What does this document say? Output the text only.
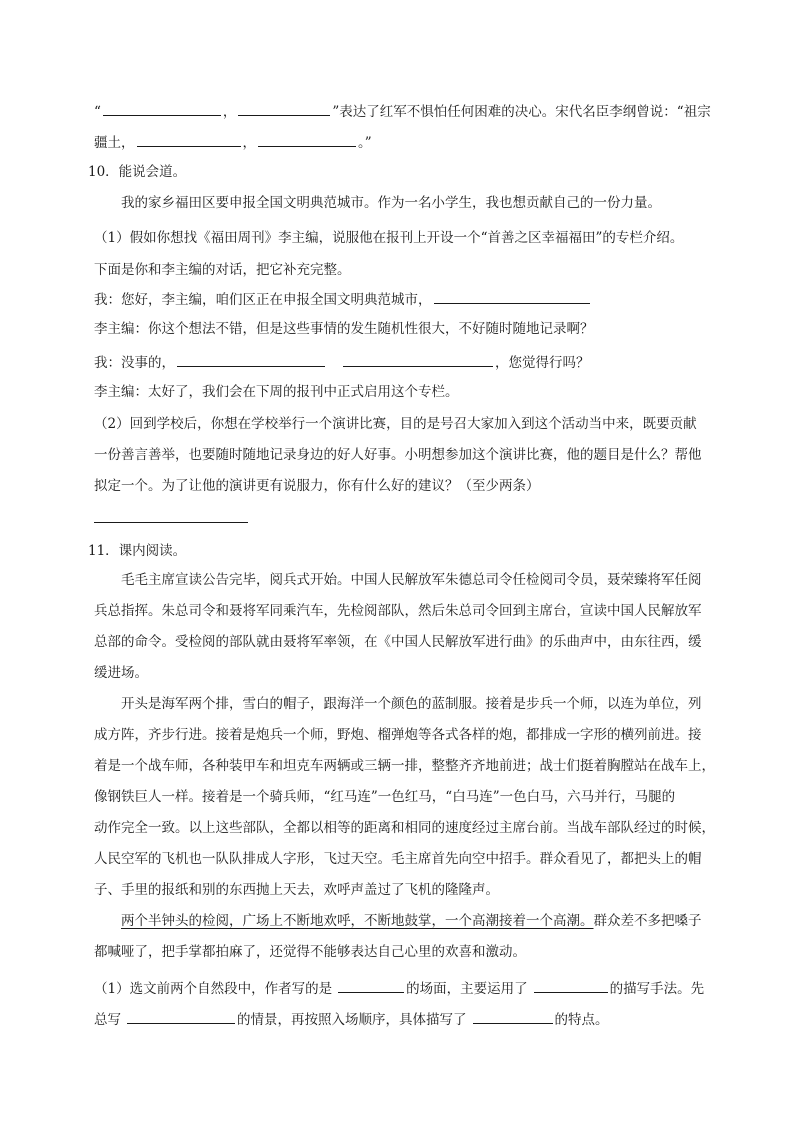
“	，	”表达了红军不惧怕任何困难的决心。宋代名臣李纲曾说：“祖宗
疆土，	，	。”
10．能说会道。
我的家乡福田区要申报全国文明典范城市。作为一名小学生，我也想贡献自己的一份力量。
（1）假如你想找《福田周刊》李主编，说服他在报刊上开设一个“首善之区幸福福田”的专栏介绍。
下面是你和李主编的对话，把它补充完整。
我：您好，李主编，咱们区正在申报全国文明典范城市，
李主编：你这个想法不错，但是这些事情的发生随机性很大，不好随时随地记录啊？
我：没事的，	，您觉得行吗？
李主编：太好了，我们会在下周的报刊中正式启用这个专栏。
（2）回到学校后，你想在学校举行一个演讲比赛，目的是号召大家加入到这个活动当中来，既要贡献
一份善言善举，也要随时随地记录身边的好人好事。小明想参加这个演讲比赛，他的题目是什么？帮他
拟定一个。为了让他的演讲更有说服力，你有什么好的建议？（至少两条）
11．课内阅读。
毛毛主席宣读公告完毕，阅兵式开始。中国人民解放军朱德总司令任检阅司令员，聂荣臻将军任阅
兵总指挥。朱总司令和聂将军同乘汽车，先检阅部队，然后朱总司令回到主席台，宣读中国人民解放军
总部的命令。受检阅的部队就由聂将军率领，在《中国人民解放军进行曲》的乐曲声中，由东往西，缓
缓进场。
开头是海军两个排，雪白的帽子，跟海洋一个颜色的蓝制服。接着是步兵一个师，以连为单位，列
成方阵，齐步行进。接着是炮兵一个师，野炮、榴弹炮等各式各样的炮，都排成一字形的横列前进。接
着是一个战车师，各种装甲车和坦克车两辆或三辆一排，整整齐齐地前进；战士们挺着胸膛站在战车上，
像钢铁巨人一样。接着是一个骑兵师，“红马连”一色红马，“白马连”一色白马，六马并行，马腿的
动作完全一致。以上这些部队，全都以相等的距离和相同的速度经过主席台前。当战车部队经过的时候，
人民空军的飞机也一队队排成人字形，飞过天空。毛主席首先向空中招手。群众看见了，都把头上的帽
子、手里的报纸和别的东西抛上天去，欢呼声盖过了飞机的隆隆声。
两个半钟头的检阅，广场上不断地欢呼，不断地鼓掌，一个高潮接着一个高潮。群众差不多把嗓子
都喊哑了，把手掌都拍麻了，还觉得不能够表达自己心里的欢喜和激动。
（1）选文前两个自然段中，作者写的是	的场面，主要运用了	的描写手法。先
总写	的情景，再按照入场顺序，具体描写了	的特点。
